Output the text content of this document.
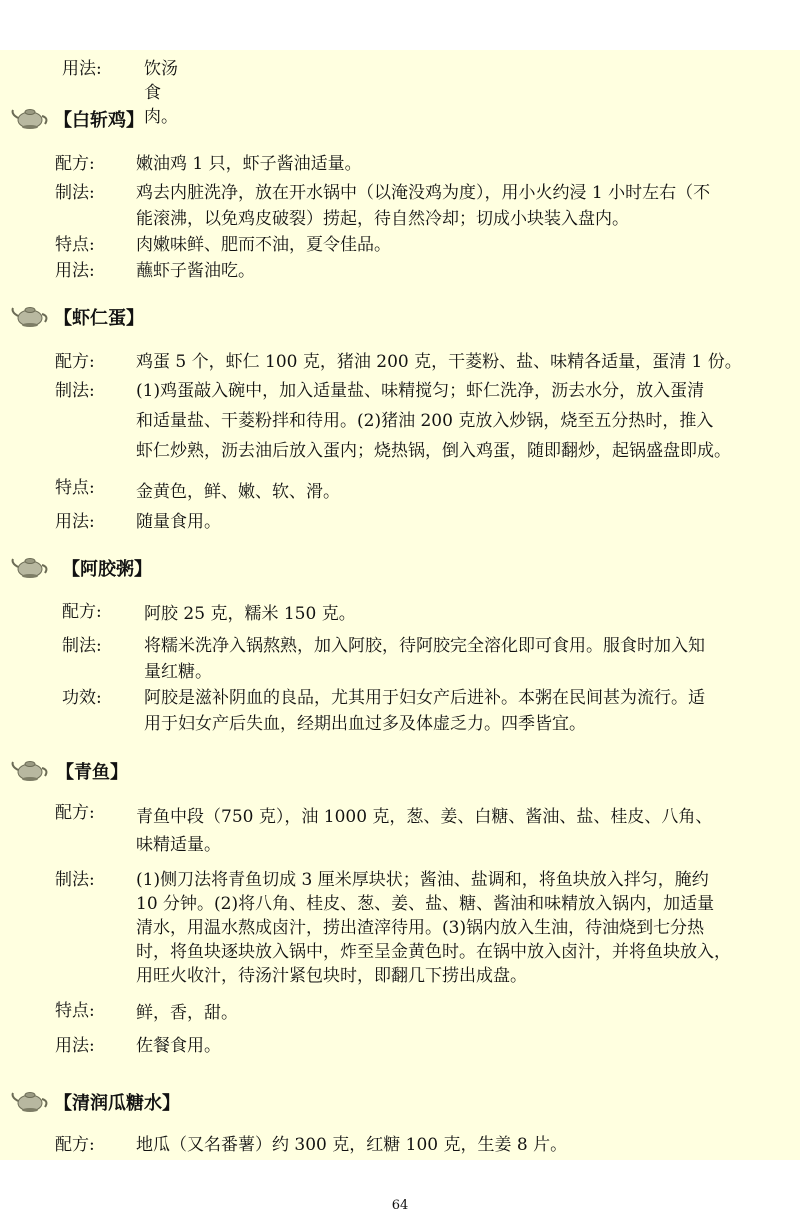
用法: 饮汤食肉。
【白斩鸡】
配方: 嫩油鸡 1 只，虾子酱油适量。
制法: 鸡去内脏洗净，放在开水锅中（以淹没鸡为度），用小火约浸 1 小时左右（不
能滚沸，以免鸡皮破裂）捞起，待自然冷却；切成小块装入盘内。
特点: 肉嫩味鲜、肥而不油，夏令佳品。
用法: 蘸虾子酱油吃。
【虾仁蛋】
配方: 鸡蛋 5 个，虾仁 100 克，猪油 200 克，干菱粉、盐、味精各适量，蛋清 1 份。
制法: (1)鸡蛋敲入碗中，加入适量盐、味精搅匀；虾仁洗净，沥去水分，放入蛋清
和适量盐、干菱粉拌和待用。(2)猪油 200 克放入炒锅，烧至五分热时，推入
虾仁炒熟，沥去油后放入蛋内；烧热锅，倒入鸡蛋，随即翻炒，起锅盛盘即成。
特点: 金黄色，鲜、嫩、软、滑。
用法: 随量食用。
【阿胶粥】
配方: 阿胶 25 克，糯米 150 克。
制法: 将糯米洗净入锅熬熟，加入阿胶，待阿胶完全溶化即可食用。服食时加入知
量红糖。
功效: 阿胶是滋补阴血的良品，尤其用于妇女产后进补。本粥在民间甚为流行。适
用于妇女产后失血，经期出血过多及体虚乏力。四季皆宜。
【青鱼】
配方: 青鱼中段（750 克），油 1000 克，葱、姜、白糖、酱油、盐、桂皮、八角、
味精适量。
制法: (1)侧刀法将青鱼切成 3 厘米厚块状；酱油、盐调和，将鱼块放入拌匀，腌约
10 分钟。(2)将八角、桂皮、葱、姜、盐、糖、酱油和味精放入锅内，加适量
清水，用温水熬成卤汁，捞出渣滓待用。(3)锅内放入生油，待油烧到七分热
时，将鱼块逐块放入锅中，炸至呈金黄色时。在锅中放入卤汁，并将鱼块放入，
用旺火收汁，待汤汁紧包块时，即翻几下捞出成盘。
特点: 鲜，香，甜。
用法: 佐餐食用。
【清润瓜糖水】
配方: 地瓜（又名番薯）约 300 克，红糖 100 克，生姜 8 片。
64
